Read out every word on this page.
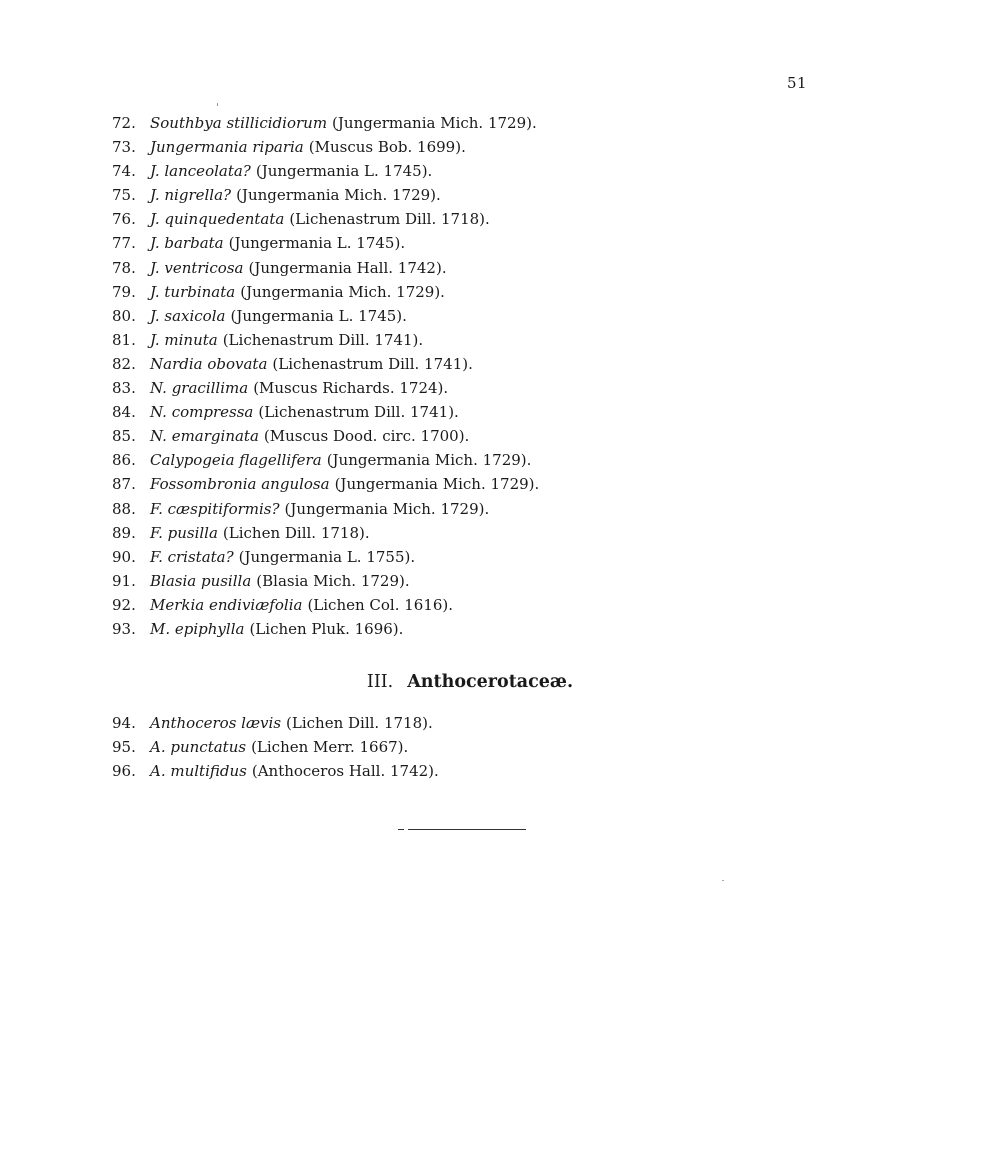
51
72. Southbya stillicidiorum (Jungermania Mich. 1729).
73. Jungermania riparia (Muscus Bob. 1699).
74. J. lanceolata? (Jungermania L. 1745).
75. J. nigrella? (Jungermania Mich. 1729).
76. J. quinquedentata (Lichenastrum Dill. 1718).
77. J. barbata (Jungermania L. 1745).
78. J. ventricosa (Jungermania Hall. 1742).
79. J. turbinata (Jungermania Mich. 1729).
80. J. saxicola (Jungermania L. 1745).
81. J. minuta (Lichenastrum Dill. 1741).
82. Nardia obovata (Lichenastrum Dill. 1741).
83. N. gracillima (Muscus Richards. 1724).
84. N. compressa (Lichenastrum Dill. 1741).
85. N. emarginata (Muscus Dood. circ. 1700).
86. Calypogeia flagellifera (Jungermania Mich. 1729).
87. Fossombronia angulosa (Jungermania Mich. 1729).
88. F. cæspitiformis? (Jungermania Mich. 1729).
89. F. pusilla (Lichen Dill. 1718).
90. F. cristata? (Jungermania L. 1755).
91. Blasia pusilla (Blasia Mich. 1729).
92. Merkia endiviæfolia (Lichen Col. 1616).
93. M. epiphylla (Lichen Pluk. 1696).
III. Anthocerotaceæ.
94. Anthoceros lævis (Lichen Dill. 1718).
95. A. punctatus (Lichen Merr. 1667).
96. A. multifidus (Anthoceros Hall. 1742).
